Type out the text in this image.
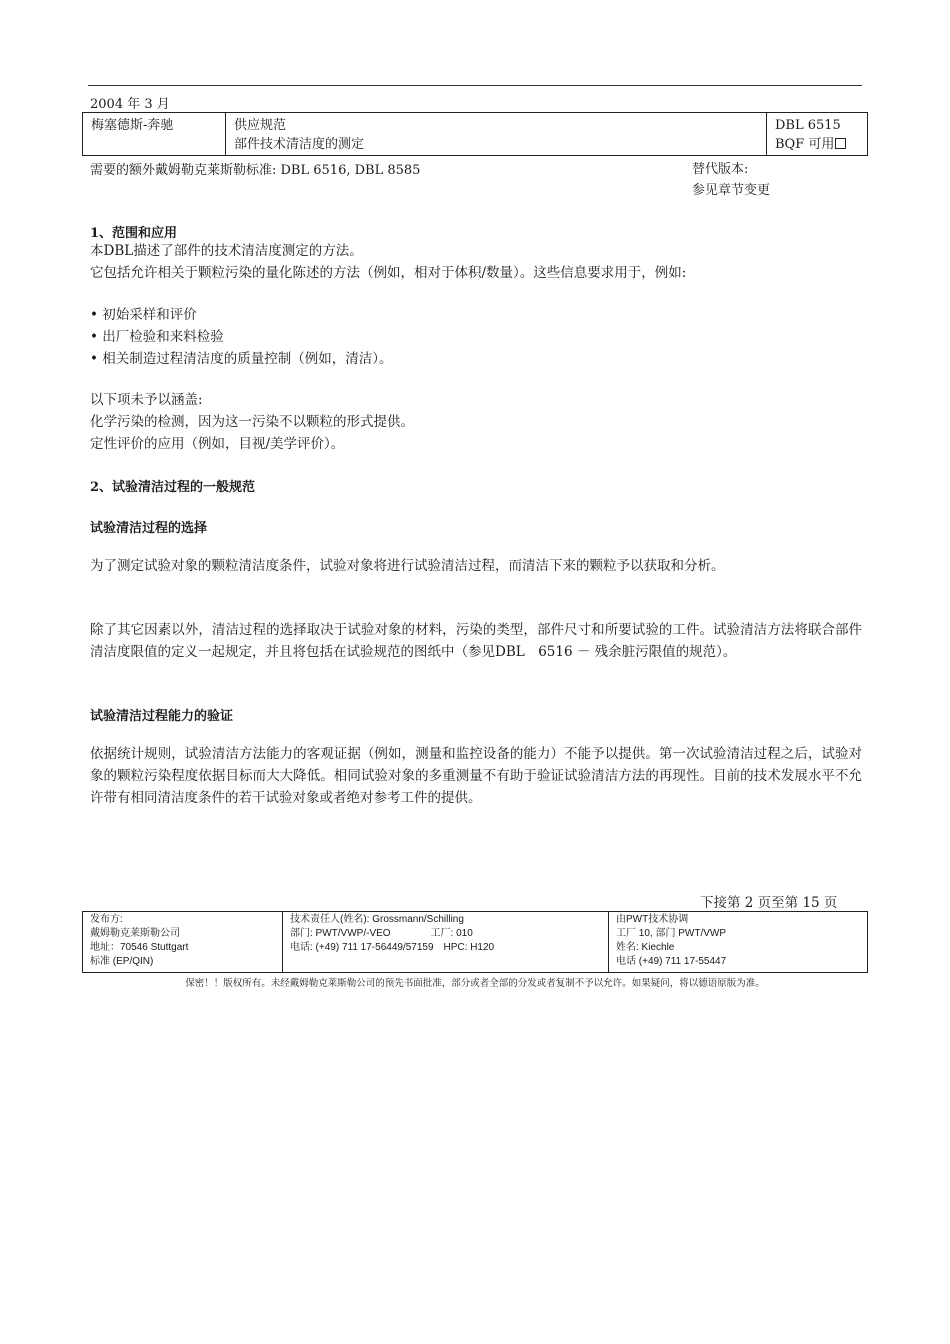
2004 年 3 月
梅塞德斯-奔驰	供应规范
部件技术清洁度的测定
DBL 6515
BQF 可用
需要的额外戴姆勒克莱斯勒标准: DBL 6516, DBL 8585	替代版本:
参见章节变更
1、范围和应用
本DBL描述了部件的技术清洁度测定的方法。
它包括允许相关于颗粒污染的量化陈述的方法（例如，相对于体积/数量）。这些信息要求用于，例如:
• 初始采样和评价
• 出厂检验和来料检验
• 相关制造过程清洁度的质量控制（例如，清洁）。
以下项未予以涵盖:
化学污染的检测，因为这一污染不以颗粒的形式提供。
定性评价的应用（例如，目视/美学评价）。
2、试验清洁过程的一般规范
试验清洁过程的选择
为了测定试验对象的颗粒清洁度条件，试验对象将进行试验清洁过程，而清洁下来的颗粒予以获取和分析。
除了其它因素以外，清洁过程的选择取决于试验对象的材料，污染的类型，部件尺寸和所要试验的工件。试验清洁方法将联合部件清洁度限值的定义一起规定，并且将包括在试验规范的图纸中（参见DBL　6516 － 残余脏污限值的规范）。
试验清洁过程能力的验证
依据统计规则，试验清洁方法能力的客观证据（例如，测量和监控设备的能力）不能予以提供。第一次试验清洁过程之后，试验对象的颗粒污染程度依据目标而大大降低。相同试验对象的多重测量不有助于验证试验清洁方法的再现性。目前的技术发展水平不允许带有相同清洁度条件的若干试验对象或者绝对参考工件的提供。
下接第 2 页至第 15 页
发布方:
戴姆勒克莱斯勒公司
地址：70546 Stuttgart
标准 (EP/QIN)
技术责任人(姓名): Grossmann/Schilling
部门: PWT/VWP/-VEO　　　　工厂: 010
电话: (+49) 711 17-56449/57159　HPC: H120
由PWT技术协调
工厂 10, 部门 PWT/VWP
姓名: Kiechle
电话 (+49) 711 17-55447
保密！！版权所有。未经戴姆勒克莱斯勒公司的预先书面批准，部分或者全部的分发或者复制不予以允许。如果疑问，将以德语原版为准。
